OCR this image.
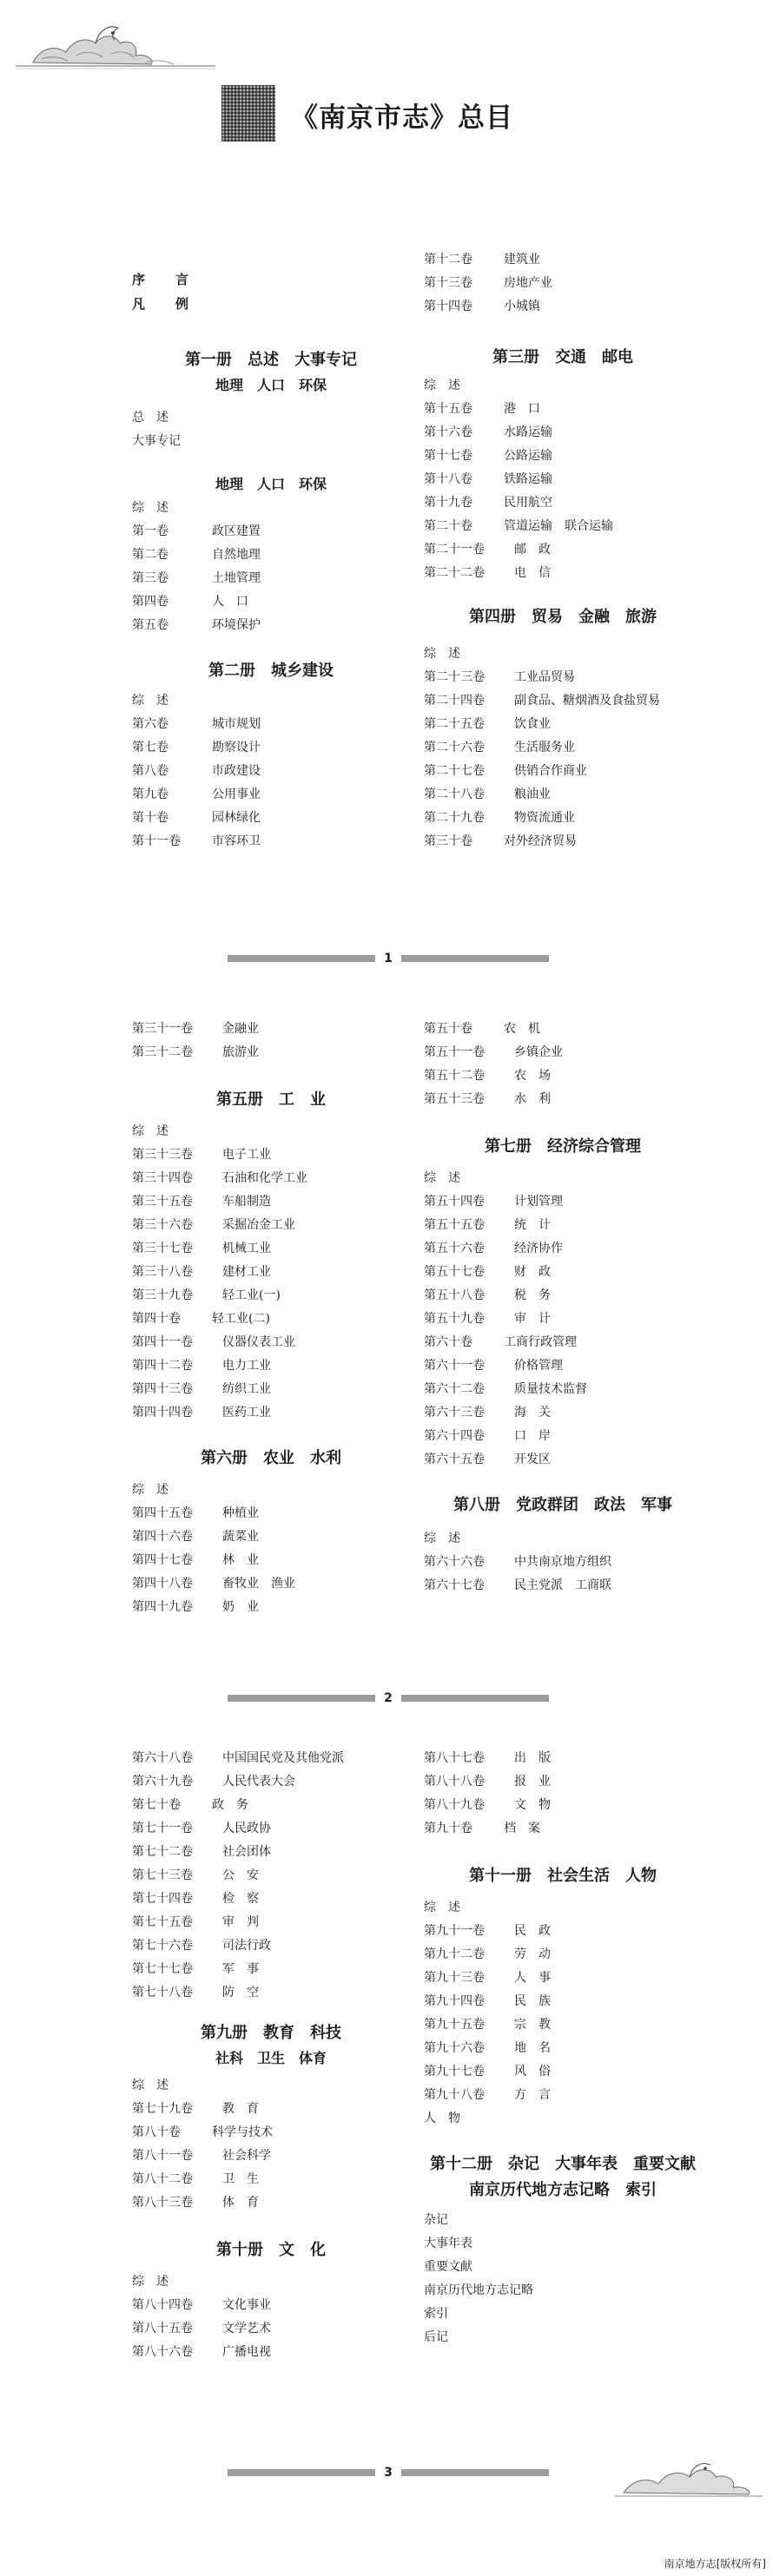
《南京市志》总目
序　言
凡　例
第一册　总述　大事专记
地理　人口　环保
总　述
大事专记
地理　人口　环保
综　述
第一卷	政区建置
第二卷	自然地理
第三卷	土地管理
第四卷	人　口
第五卷	环境保护
第二册　城乡建设
综　述
第六卷	城市规划
第七卷	勘察设计
第八卷	市政建设
第九卷	公用事业
第十卷	园林绿化
第十一卷	市容环卫
第十二卷	建筑业
第十三卷	房地产业
第十四卷	小城镇
第三册　交通　邮电
综　述
第十五卷	港　口
第十六卷	水路运输
第十七卷	公路运输
第十八卷	铁路运输
第十九卷	民用航空
第二十卷	管道运输　联合运输
第二十一卷 邮　政
第二十二卷 电　信
第四册　贸易　金融　旅游
综　述
第二十三卷 工业品贸易
第二十四卷 副食品、糖烟酒及食盐贸易
第二十五卷 饮食业
第二十六卷 生活服务业
第二十七卷 供销合作商业
第二十八卷 粮油业
第二十九卷 物资流通业
第三十卷	对外经济贸易
1
第三十一卷 金融业
第三十二卷 旅游业
第五册　工　业
综　述
第三十三卷 电子工业
第三十四卷 石油和化学工业
第三十五卷 车船制造
第三十六卷 采掘冶金工业
第三十七卷 机械工业
第三十八卷 建材工业
第三十九卷 轻工业(一)
第四十卷	轻工业(二)
第四十一卷 仪器仪表工业
第四十二卷 电力工业
第四十三卷 纺织工业
第四十四卷 医药工业
第六册　农业　水利
综　述
第四十五卷 种植业
第四十六卷 蔬菜业
第四十七卷 林　业
第四十八卷 畜牧业　渔业
第四十九卷 奶　业
第五十卷	农　机
第五十一卷 乡镇企业
第五十二卷 农　场
第五十三卷 水　利
第七册　经济综合管理
综　述
第五十四卷 计划管理
第五十五卷 统　计
第五十六卷 经济协作
第五十七卷 财　政
第五十八卷 税　务
第五十九卷 审　计
第六十卷	工商行政管理
第六十一卷 价格管理
第六十二卷 质量技术监督
第六十三卷 海　关
第六十四卷 口　岸
第六十五卷 开发区
第八册　党政群团　政法　军事
综　述
第六十六卷 中共南京地方组织
第六十七卷 民主党派　工商联
2
第六十八卷 中国国民党及其他党派
第六十九卷 人民代表大会
第七十卷	政　务
第七十一卷 人民政协
第七十二卷 社会团体
第七十三卷 公　安
第七十四卷 检　察
第七十五卷 审　判
第七十六卷 司法行政
第七十七卷 军　事
第七十八卷 防　空
第九册　教育　科技
社科　卫生　体育
综　述
第七十九卷 教　育
第八十卷	科学与技术
第八十一卷 社会科学
第八十二卷 卫　生
第八十三卷 体　育
第十册　文　化
综　述
第八十四卷 文化事业
第八十五卷 文学艺术
第八十六卷 广播电视
第八十七卷 出　版
第八十八卷 报　业
第八十九卷 文　物
第九十卷	档　案
第十一册　社会生活　人物
综　述
第九十一卷 民　政
第九十二卷 劳　动
第九十三卷 人　事
第九十四卷 民　族
第九十五卷 宗　教
第九十六卷 地　名
第九十七卷 风　俗
第九十八卷 方　言
人　物
第十二册　杂记　大事年表　重要文献
南京历代地方志记略　索引
杂记
大事年表
重要文献
南京历代地方志记略
索引
后记
3
南京地方志[版权所有]
